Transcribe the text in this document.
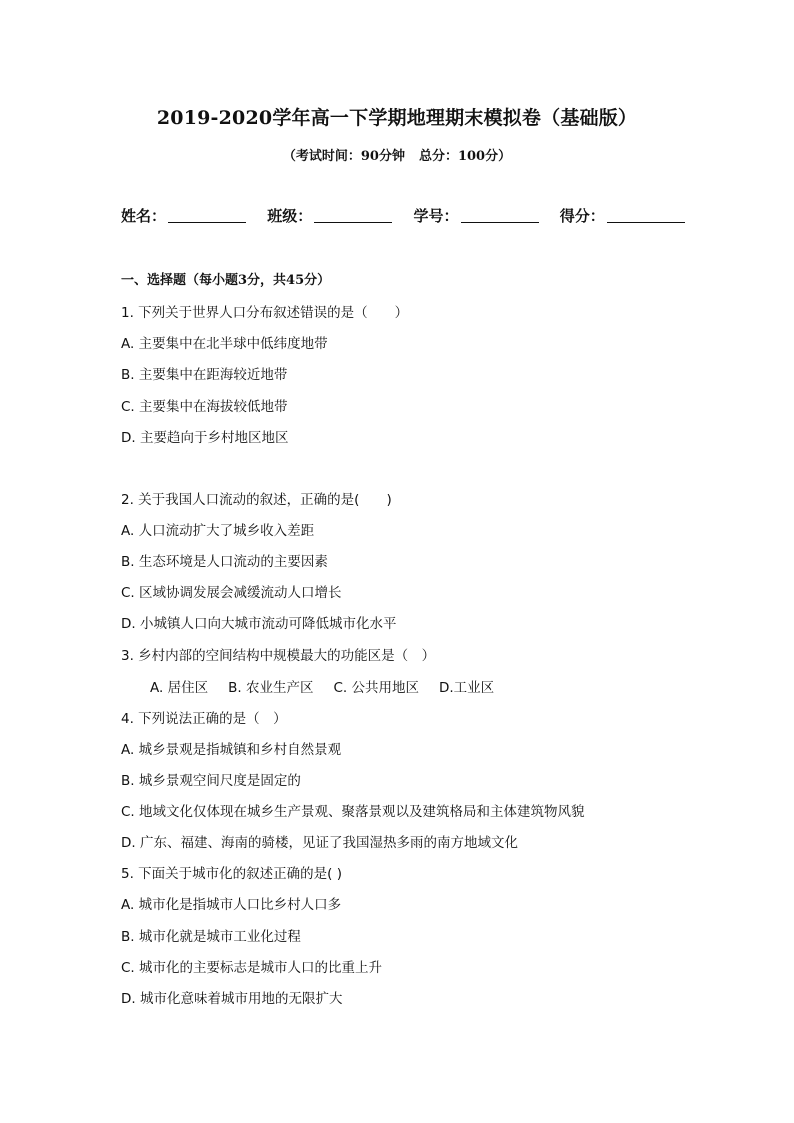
2019-2020学年高一下学期地理期末模拟卷（基础版）
（考试时间：90分钟 总分：100分）
姓名：	班级：	学号：	得分：
一、选择题（每小题3分，共45分）
1. 下列关于世界人口分布叙述错误的是（　　）
A. 主要集中在北半球中低纬度地带
B. 主要集中在距海较近地带
C. 主要集中在海拔较低地带
D. 主要趋向于乡村地区地区
2. 关于我国人口流动的叙述，正确的是(　　)
A. 人口流动扩大了城乡收入差距
B. 生态环境是人口流动的主要因素
C. 区域协调发展会减缓流动人口增长
D. 小城镇人口向大城市流动可降低城市化水平
3. 乡村内部的空间结构中规模最大的功能区是（　）
A. 居住区 B. 农业生产区 C. 公共用地区 D.工业区
4. 下列说法正确的是（　）
A. 城乡景观是指城镇和乡村自然景观
B. 城乡景观空间尺度是固定的
C. 地域文化仅体现在城乡生产景观、聚落景观以及建筑格局和主体建筑物风貌
D. 广东、福建、海南的骑楼，见证了我国湿热多雨的南方地域文化
5. 下面关于城市化的叙述正确的是( )
A. 城市化是指城市人口比乡村人口多
B. 城市化就是城市工业化过程
C. 城市化的主要标志是城市人口的比重上升
D. 城市化意味着城市用地的无限扩大
